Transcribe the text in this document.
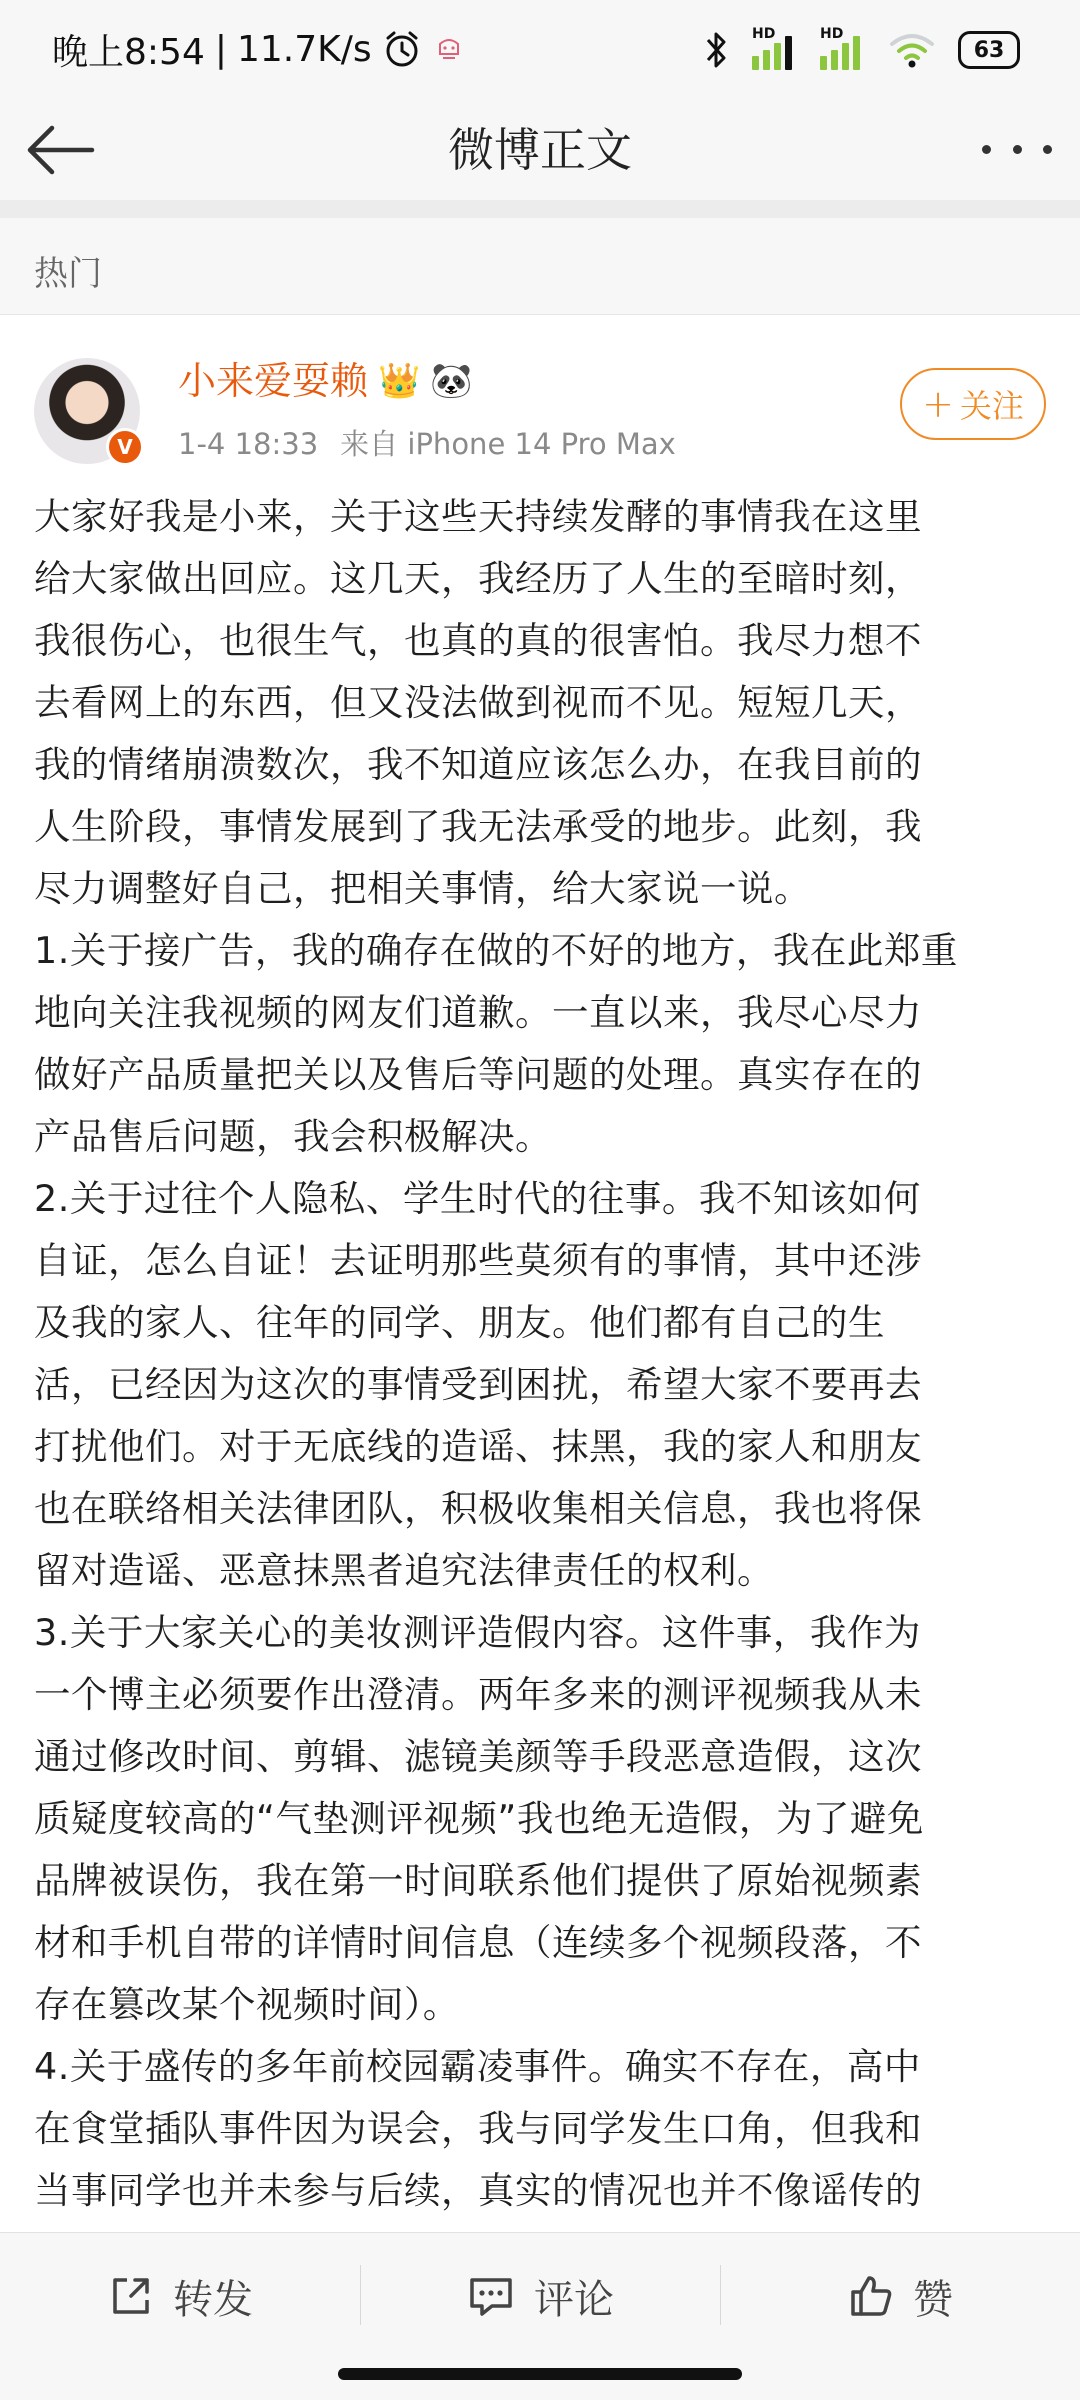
晚上8:54 | 11.7K/s	HD	HD
63
微博正文
热门
V
小来爱耍赖 👑 🐼
1-4 18:33 来自 iPhone 14 Pro Max
+ 关注

大家好我是小来，关于这些天持续发酵的事情我在这里

给大家做出回应。这几天，我经历了人生的至暗时刻，

我很伤心，也很生气，也真的真的很害怕。我尽力想不

去看网上的东西，但又没法做到视而不见。短短几天，

我的情绪崩溃数次，我不知道应该怎么办，在我目前的

人生阶段，事情发展到了我无法承受的地步。此刻，我

尽力调整好自己，把相关事情，给大家说一说。

1.关于接广告，我的确存在做的不好的地方，我在此郑重

地向关注我视频的网友们道歉。一直以来，我尽心尽力

做好产品质量把关以及售后等问题的处理。真实存在的

产品售后问题，我会积极解决。

2.关于过往个人隐私、学生时代的往事。我不知该如何

自证，怎么自证！去证明那些莫须有的事情，其中还涉

及我的家人、往年的同学、朋友。他们都有自己的生

活，已经因为这次的事情受到困扰，希望大家不要再去

打扰他们。对于无底线的造谣、抹黑，我的家人和朋友

也在联络相关法律团队，积极收集相关信息，我也将保

留对造谣、恶意抹黑者追究法律责任的权利。

3.关于大家关心的美妆测评造假内容。这件事，我作为

一个博主必须要作出澄清。两年多来的测评视频我从未

通过修改时间、剪辑、滤镜美颜等手段恶意造假，这次

质疑度较高的“气垫测评视频”我也绝无造假，为了避免

品牌被误伤，我在第一时间联系他们提供了原始视频素

材和手机自带的详情时间信息（连续多个视频段落，不

存在篡改某个视频时间）。

4.关于盛传的多年前校园霸凌事件。确实不存在，高中

在食堂插队事件因为误会，我与同学发生口角，但我和

当事同学也并未参与后续，真实的情况也并不像谣传的

转发	评论	赞
